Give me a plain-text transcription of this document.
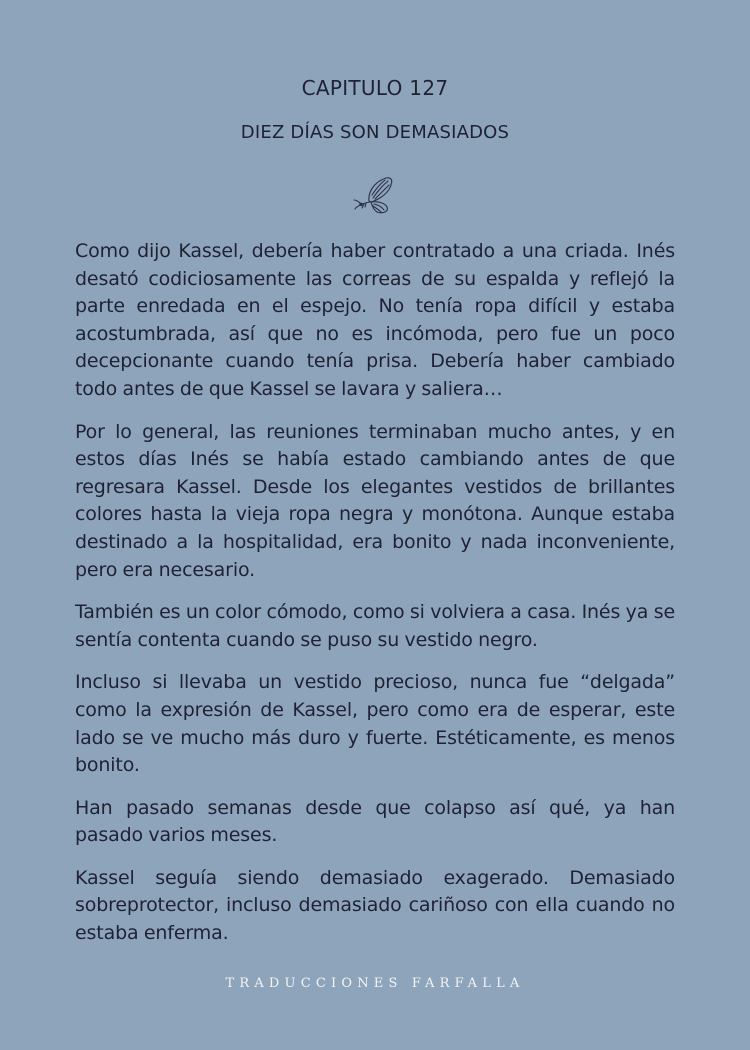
CAPITULO 127
DIEZ DÍAS SON DEMASIADOS

Como dijo Kassel, debería haber contratado a una criada. Inés desató codiciosamente las correas de su espalda y reflejó la parte enredada en el espejo. No tenía ropa difícil y estaba acostumbrada, así que no es incómoda, pero fue un poco decepcionante cuando tenía prisa. Debería haber cambiado todo antes de que Kassel se lavara y saliera…

Por lo general, las reuniones terminaban mucho antes, y en estos días Inés se había estado cambiando antes de que regresara Kassel. Desde los elegantes vestidos de brillantes colores hasta la vieja ropa negra y monótona. Aunque estaba destinado a la hospitalidad, era bonito y nada inconveniente, pero era necesario.

También es un color cómodo, como si volviera a casa. Inés ya se sentía contenta cuando se puso su vestido negro.

Incluso si llevaba un vestido precioso, nunca fue “delgada” como la expresión de Kassel, pero como era de esperar, este lado se ve mucho más duro y fuerte. Estéticamente, es menos bonito.

Han pasado semanas desde que colapso así qué, ya han pasado varios meses.

Kassel seguía siendo demasiado exagerado. Demasiado sobreprotector, incluso demasiado cariñoso con ella cuando no estaba enferma.

TRADUCCIONES FARFALLA
